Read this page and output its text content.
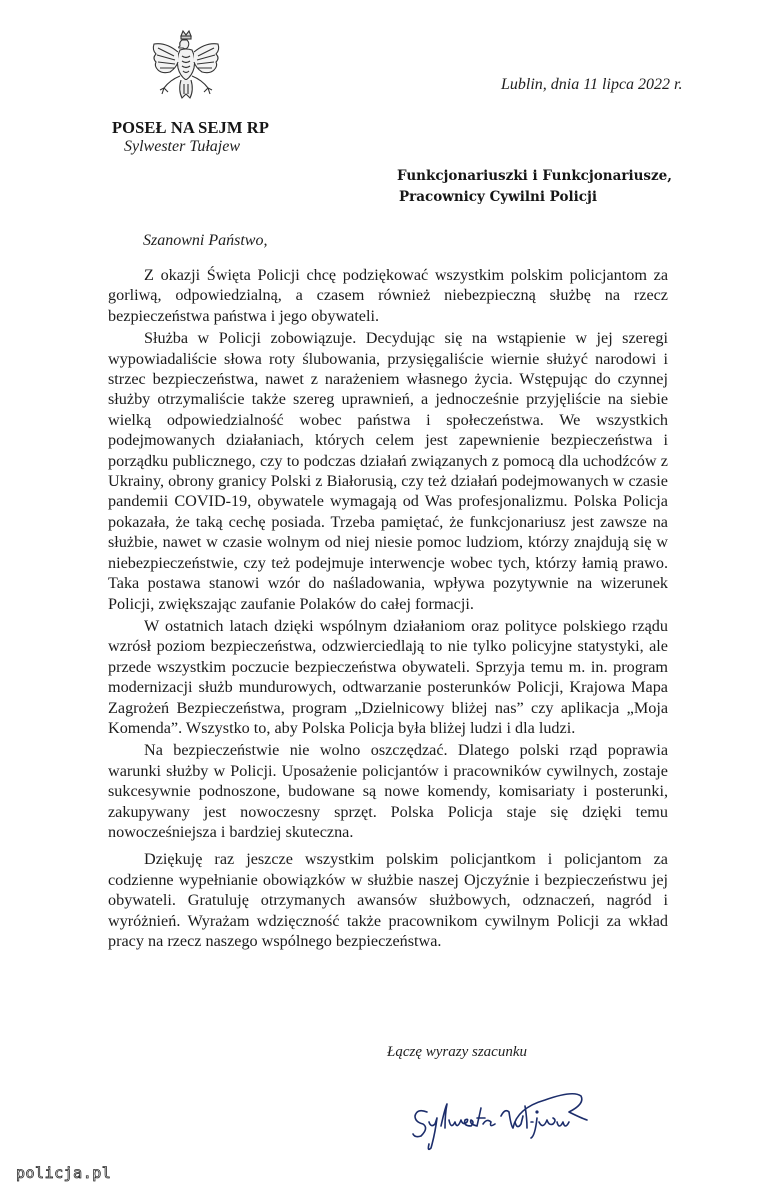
POSEŁ NA SEJM RP
Sylwester Tułajew
Lublin, dnia 11 lipca 2022 r.
Funkcjonariuszki i Funkcjonariusze,
Pracownicy Cywilni Policji
Szanowni Państwo,

Z okazji Święta Policji chcę podziękować wszystkim polskim policjantom za gorliwą, odpowiedzialną, a czasem również niebezpieczną służbę na rzecz bezpieczeństwa państwa i jego obywateli.

Służba w Policji zobowiązuje. Decydując się na wstąpienie w jej szeregi wypowiadaliście słowa roty ślubowania, przysięgaliście wiernie służyć narodowi i strzec bezpieczeństwa, nawet z narażeniem własnego życia. Wstępując do czynnej służby otrzymaliście także szereg uprawnień, a jednocześnie przyjęliście na siebie wielką odpowiedzialność wobec państwa i społeczeństwa. We wszystkich podejmowanych działaniach, których celem jest zapewnienie bezpieczeństwa i porządku publicznego, czy to podczas działań związanych z pomocą dla uchodźców z Ukrainy, obrony granicy Polski z Białorusią, czy też działań podejmowanych w czasie pandemii COVID-19, obywatele wymagają od Was profesjonalizmu. Polska Policja pokazała, że taką cechę posiada. Trzeba pamiętać, że funkcjonariusz jest zawsze na służbie, nawet w czasie wolnym od niej niesie pomoc ludziom, którzy znajdują się w niebezpieczeństwie, czy też podejmuje interwencje wobec tych, którzy łamią prawo. Taka postawa stanowi wzór do naśladowania, wpływa pozytywnie na wizerunek Policji, zwiększając zaufanie Polaków do całej formacji.

W ostatnich latach dzięki wspólnym działaniom oraz polityce polskiego rządu wzrósł poziom bezpieczeństwa, odzwierciedlają to nie tylko policyjne statystyki, ale przede wszystkim poczucie bezpieczeństwa obywateli. Sprzyja temu m. in. program modernizacji służb mundurowych, odtwarzanie posterunków Policji, Krajowa Mapa Zagrożeń Bezpieczeństwa, program „Dzielnicowy bliżej nas” czy aplikacja „Moja Komenda”. Wszystko to, aby Polska Policja była bliżej ludzi i dla ludzi.

Na bezpieczeństwie nie wolno oszczędzać. Dlatego polski rząd poprawia warunki służby w Policji. Uposażenie policjantów i pracowników cywilnych, zostaje sukcesywnie podnoszone, budowane są nowe komendy, komisariaty i posterunki, zakupywany jest nowoczesny sprzęt. Polska Policja staje się dzięki temu nowocześniejsza i bardziej skuteczna.

Dziękuję raz jeszcze wszystkim polskim policjantkom i policjantom za codzienne wypełnianie obowiązków w służbie naszej Ojczyźnie i bezpieczeństwu jej obywateli. Gratuluję otrzymanych awansów służbowych, odznaczeń, nagród i wyróżnień. Wyrażam wdzięczność także pracownikom cywilnym Policji za wkład pracy na rzecz naszego wspólnego bezpieczeństwa.

Łączę wyrazy szacunku
policja.pl
